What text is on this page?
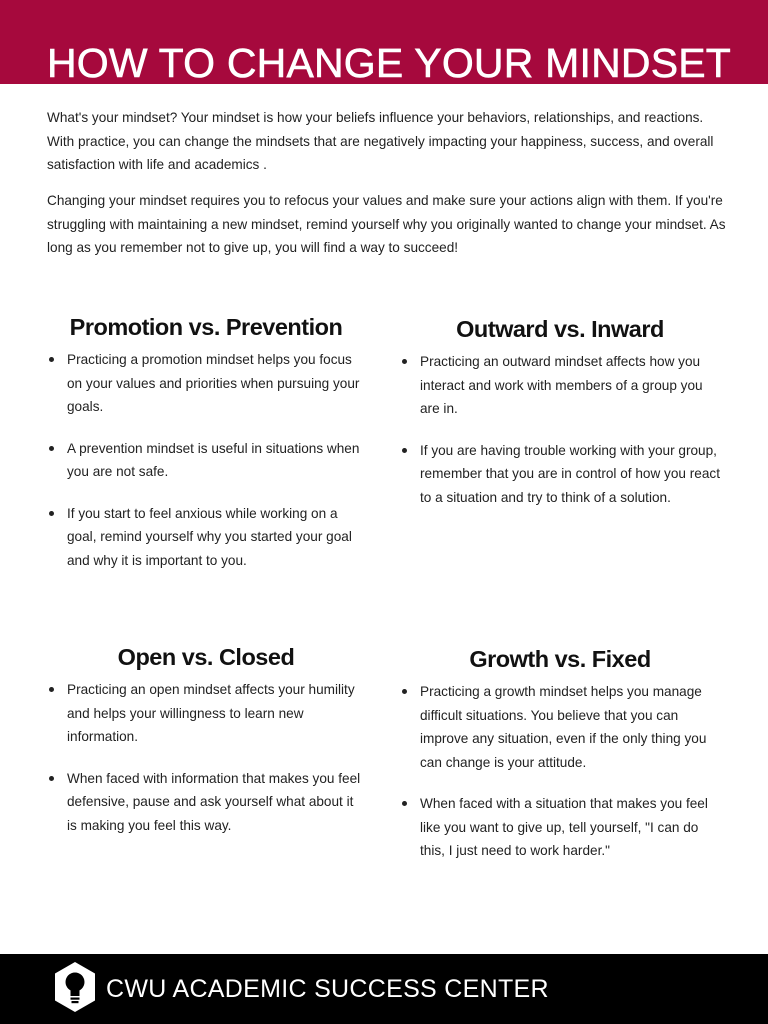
HOW TO CHANGE YOUR MINDSET

What's your mindset? Your mindset is how your beliefs influence your behaviors, relationships, and reactions. With practice, you can change the mindsets that are negatively impacting your happiness, success, and overall satisfaction with life and academics .

Changing your mindset requires you to refocus your values and make sure your actions align with them. If you're struggling with maintaining a new mindset, remind yourself why you originally wanted to change your mindset. As long as you remember not to give up, you will find a way to succeed!

Promotion vs. Prevention
Practicing a promotion mindset helps you focus on your values and priorities when pursuing your goals.
A prevention mindset is useful in situations when you are not safe.
If you start to feel anxious while working on a goal, remind yourself why you started your goal and why it is important to you.
Outward vs. Inward
Practicing an outward mindset affects how you interact and work with members of a group you are in.
If you are having trouble working with your group, remember that you are in control of how you react to a situation and try to think of a solution.
Open vs. Closed
Practicing an open mindset affects your humility and helps your willingness to learn new information.
When faced with information that makes you feel defensive, pause and ask yourself what about it is making you feel this way.
Growth vs. Fixed
Practicing a growth mindset helps you manage difficult situations. You believe that you can improve any situation, even if the only thing you can change is your attitude.
When faced with a situation that makes you feel like you want to give up, tell yourself, "I can do this, I just need to work harder."
CWU ACADEMIC SUCCESS CENTER
